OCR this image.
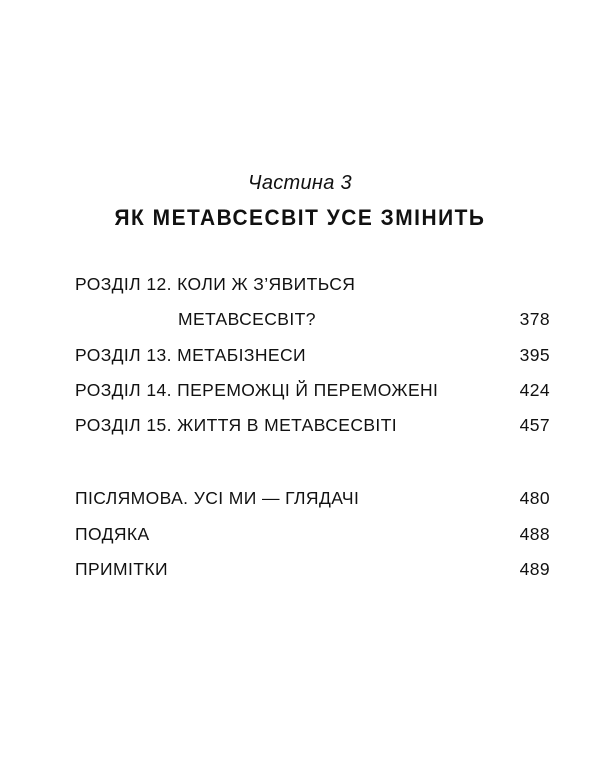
Частина 3
ЯК МЕТАВСЕСВІТ УСЕ ЗМІНИТЬ
РОЗДІЛ 12. КОЛИ Ж З’ЯВИТЬСЯ
МЕТАВСЕСВІТ?	378
РОЗДІЛ 13. МЕТАБІЗНЕСИ	395
РОЗДІЛ 14. ПЕРЕМОЖЦІ Й ПЕРЕМОЖЕНІ	424
РОЗДІЛ 15. ЖИТТЯ В МЕТАВСЕСВІТІ	457
ПІСЛЯМОВА. УСІ МИ — ГЛЯДАЧІ	480
ПОДЯКА	488
ПРИМІТКИ	489
